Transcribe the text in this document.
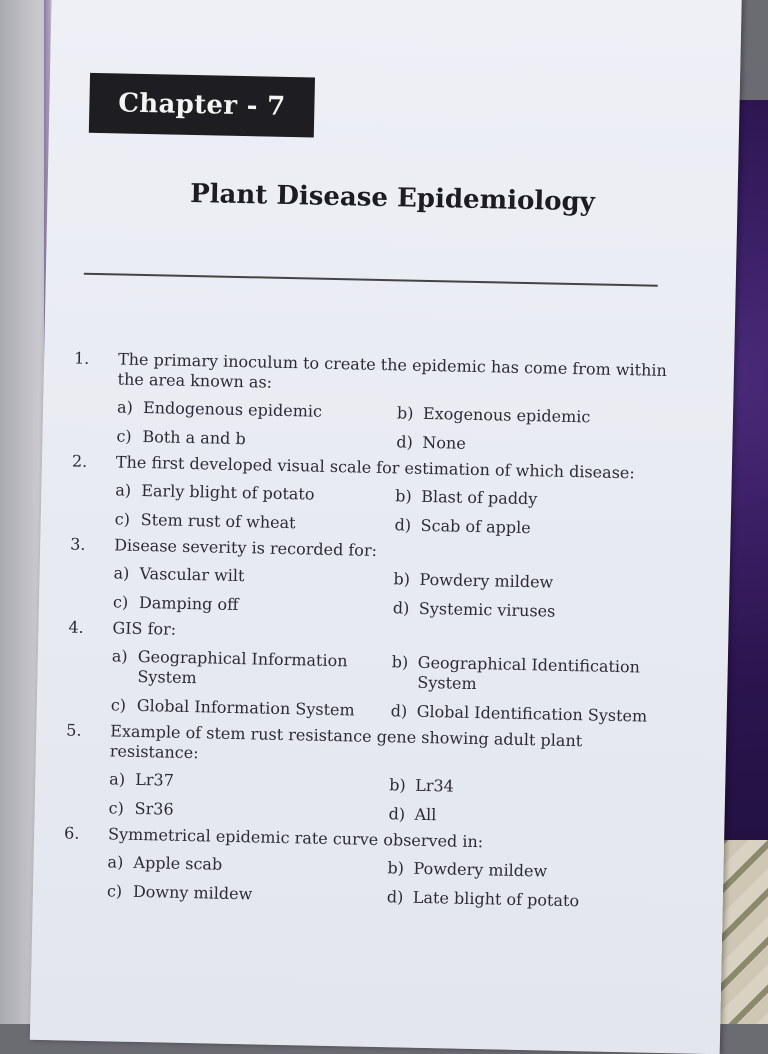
Chapter - 7
Plant Disease Epidemiology
1.	The primary inoculum to create the epidemic has come from within the area known as:
a) Endogenous epidemic	b) Exogenous epidemic
c) Both a and b	d) None
2.	The first developed visual scale for estimation of which disease:
a) Early blight of potato	b) Blast of paddy
c) Stem rust of wheat	d) Scab of apple
3.	Disease severity is recorded for:
a) Vascular wilt	b) Powdery mildew
c) Damping off	d) Systemic viruses
4.	GIS for:
a) Geographical Information System
b) Geographical Identification System
c) Global Information System	d) Global Identification System
5.	Example of stem rust resistance gene showing adult plant resistance:
a) Lr37	b) Lr34
c) Sr36	d) All
6.	Symmetrical epidemic rate curve observed in:
a) Apple scab	b) Powdery mildew
c) Downy mildew	d) Late blight of potato
